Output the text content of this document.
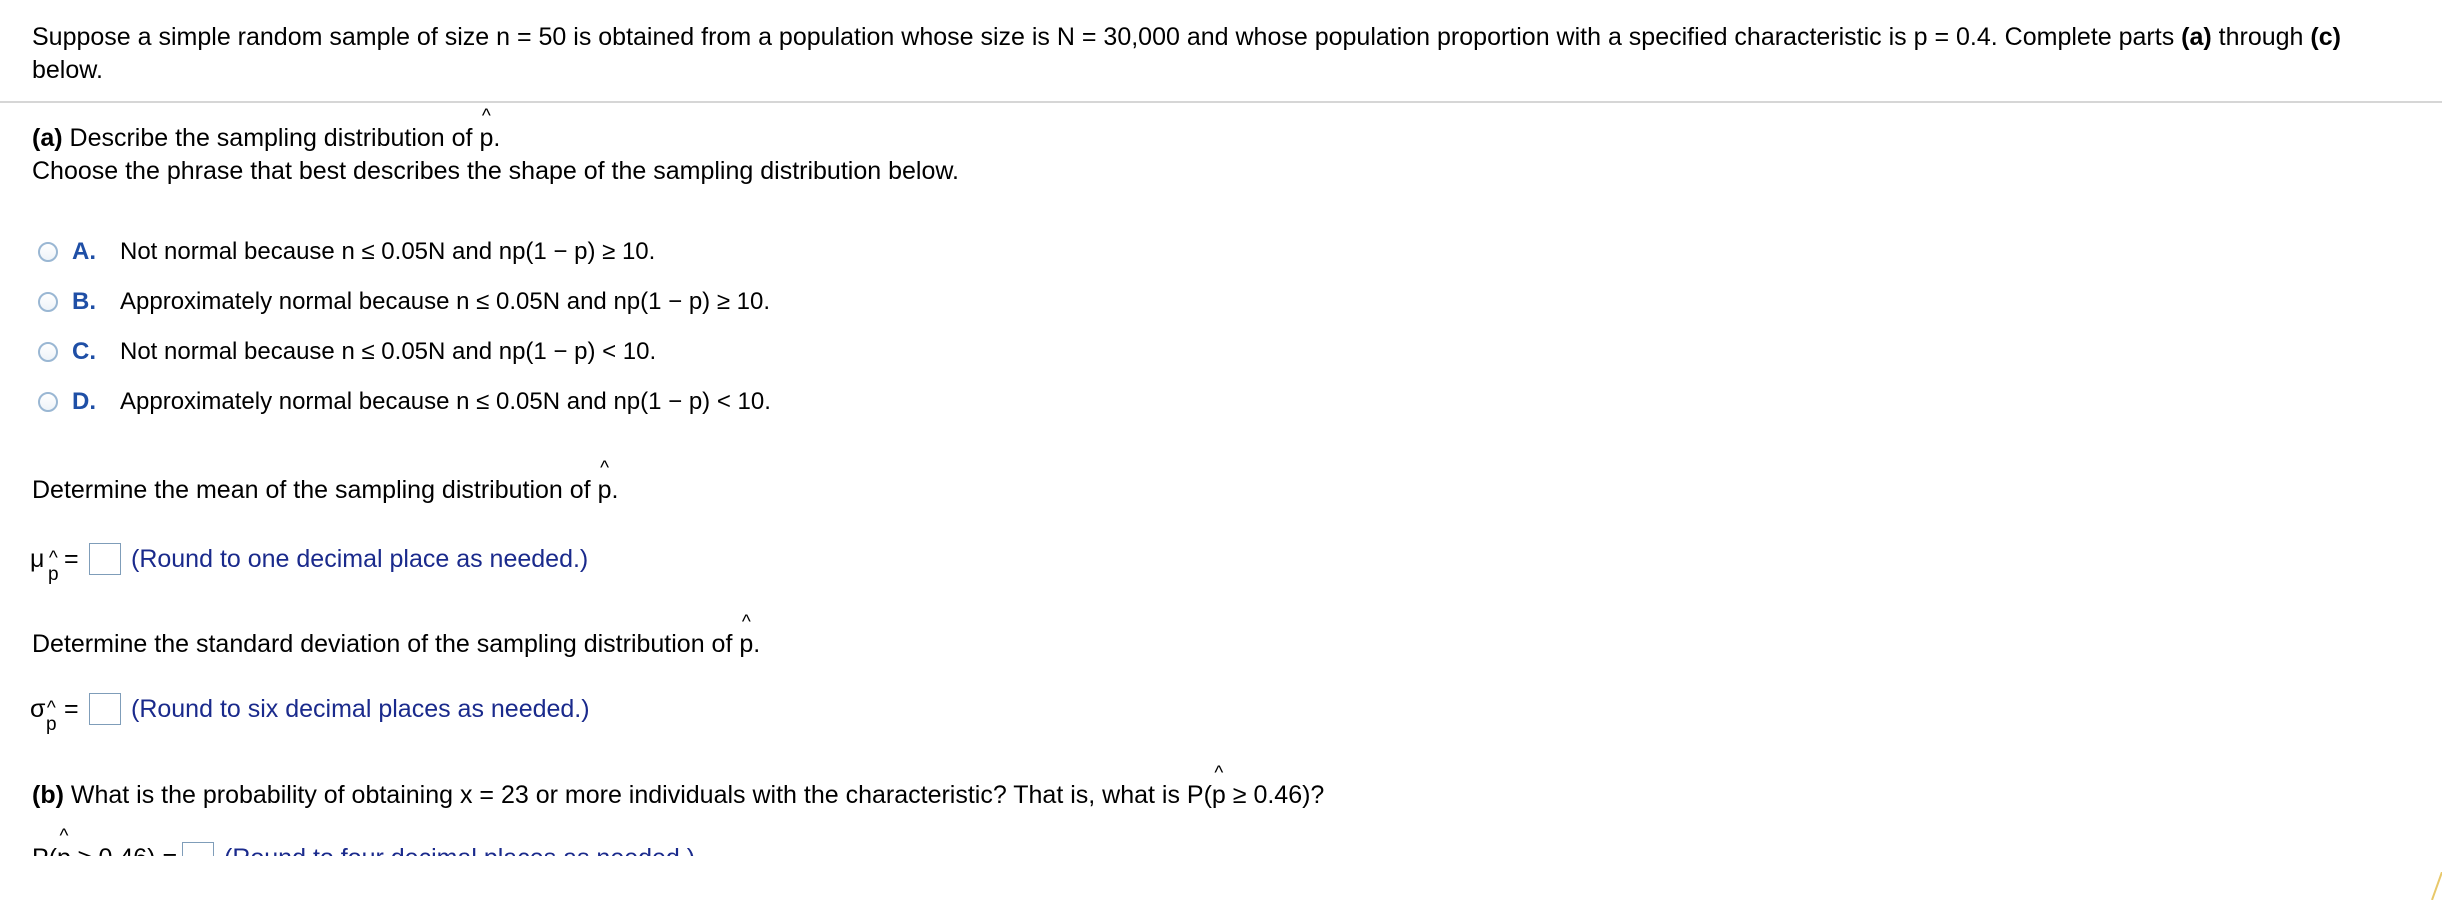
Suppose a simple random sample of size n = 50 is obtained from a population whose size is N = 30,000 and whose population proportion with a specified characteristic is p = 0.4. Complete parts (a) through (c)
below.
(a) Describe the sampling distribution of ^ p.
Choose the phrase that best describes the shape of the sampling distribution below.
A. Not normal because n ≤ 0.05N and np(1 − p) ≥ 10.
B. Approximately normal because n ≤ 0.05N and np(1 − p) ≥ 10.
C. Not normal because n ≤ 0.05N and np(1 − p) < 10.
D. Approximately normal because n ≤ 0.05N and np(1 − p) < 10.
Determine the mean of the sampling distribution of ^ p.
μ
^ p
= (Round to one decimal place as needed.)
Determine the standard deviation of the sampling distribution of ^ p.
σ
^ p
= (Round to six decimal places as needed.)
(b) What is the probability of obtaining x = 23 or more individuals with the characteristic? That is, what is P(^ p ≥ 0.46)?
^
